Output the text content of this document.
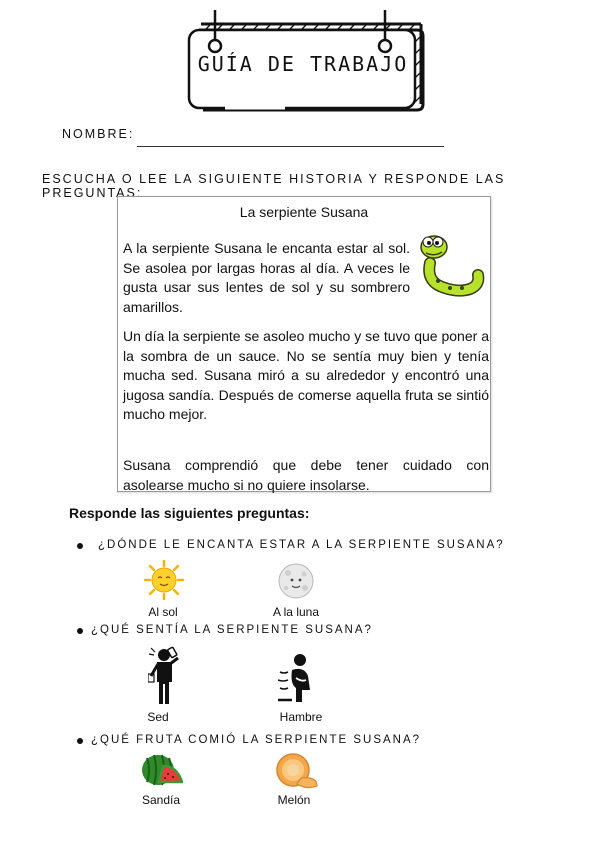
GUÍA DE TRABAJO
NOMBRE:
ESCUCHA O LEE LA SIGUIENTE HISTORIA Y RESPONDE LAS PREGUNTAS:
La serpiente Susana
A la serpiente Susana le encanta estar al sol. Se asolea por largas horas al día. A veces le gusta usar sus lentes de sol y su sombrero amarillos.
Un día la serpiente se asoleo mucho y se tuvo que poner a la sombra de un sauce. No se sentía muy bien y tenía mucha sed. Susana miró a su alrededor y encontró una jugosa sandía. Después de comerse aquella fruta se sintió mucho mejor.
Susana comprendió que debe tener cuidado con asolearse mucho si no quiere insolarse.
Responde las siguientes preguntas:
¿DÓNDE LE ENCANTA ESTAR A LA SERPIENTE SUSANA?
Al sol	A la luna
¿QUÉ SENTÍA LA SERPIENTE SUSANA?
Sed	Hambre
¿QUÉ FRUTA COMIÓ LA SERPIENTE SUSANA?
Sandía	Melón
